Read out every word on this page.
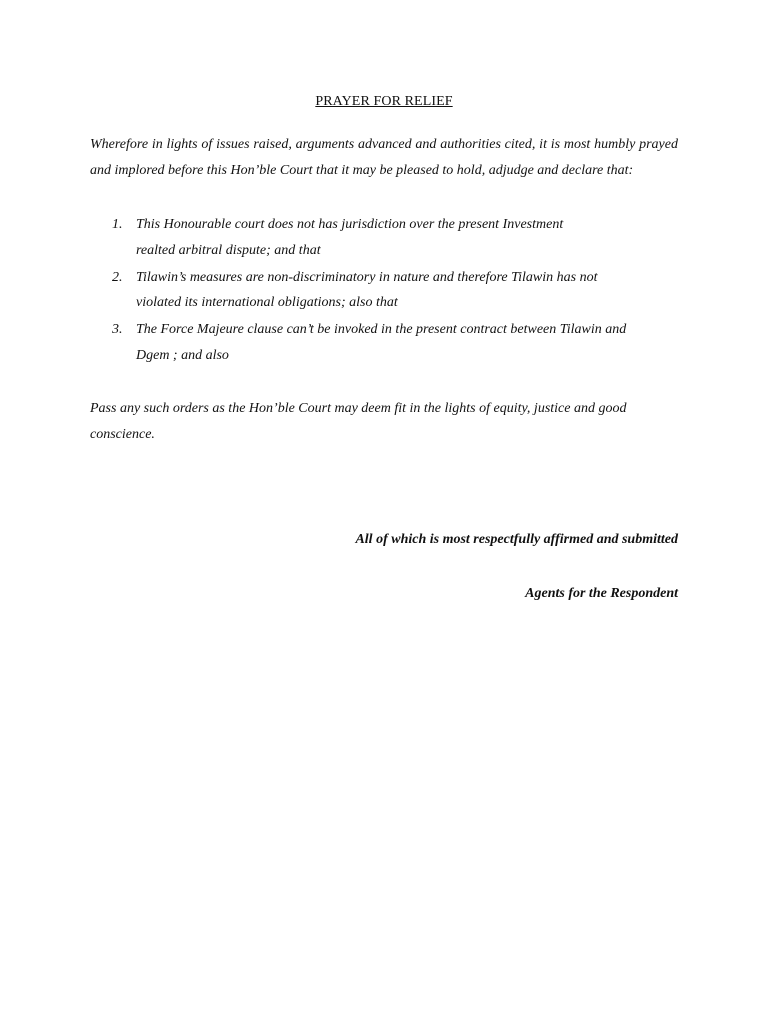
PRAYER FOR RELIEF

Wherefore in lights of issues raised, arguments advanced and authorities cited, it is most humbly prayed and implored before this Hon’ble Court that it may be pleased to hold, adjudge and declare that:

1. This Honourable court does not has jurisdiction over the present Investment
realted arbitral dispute; and that
2. Tilawin’s measures are non-discriminatory in nature and therefore Tilawin has not
violated its international obligations; also that
3. The Force Majeure clause can’t be invoked in the present contract between Tilawin and
Dgem ; and also

Pass any such orders as the Hon’ble Court may deem fit in the lights of equity, justice and good conscience.

All of which is most respectfully affirmed and submitted
Agents for the Respondent
